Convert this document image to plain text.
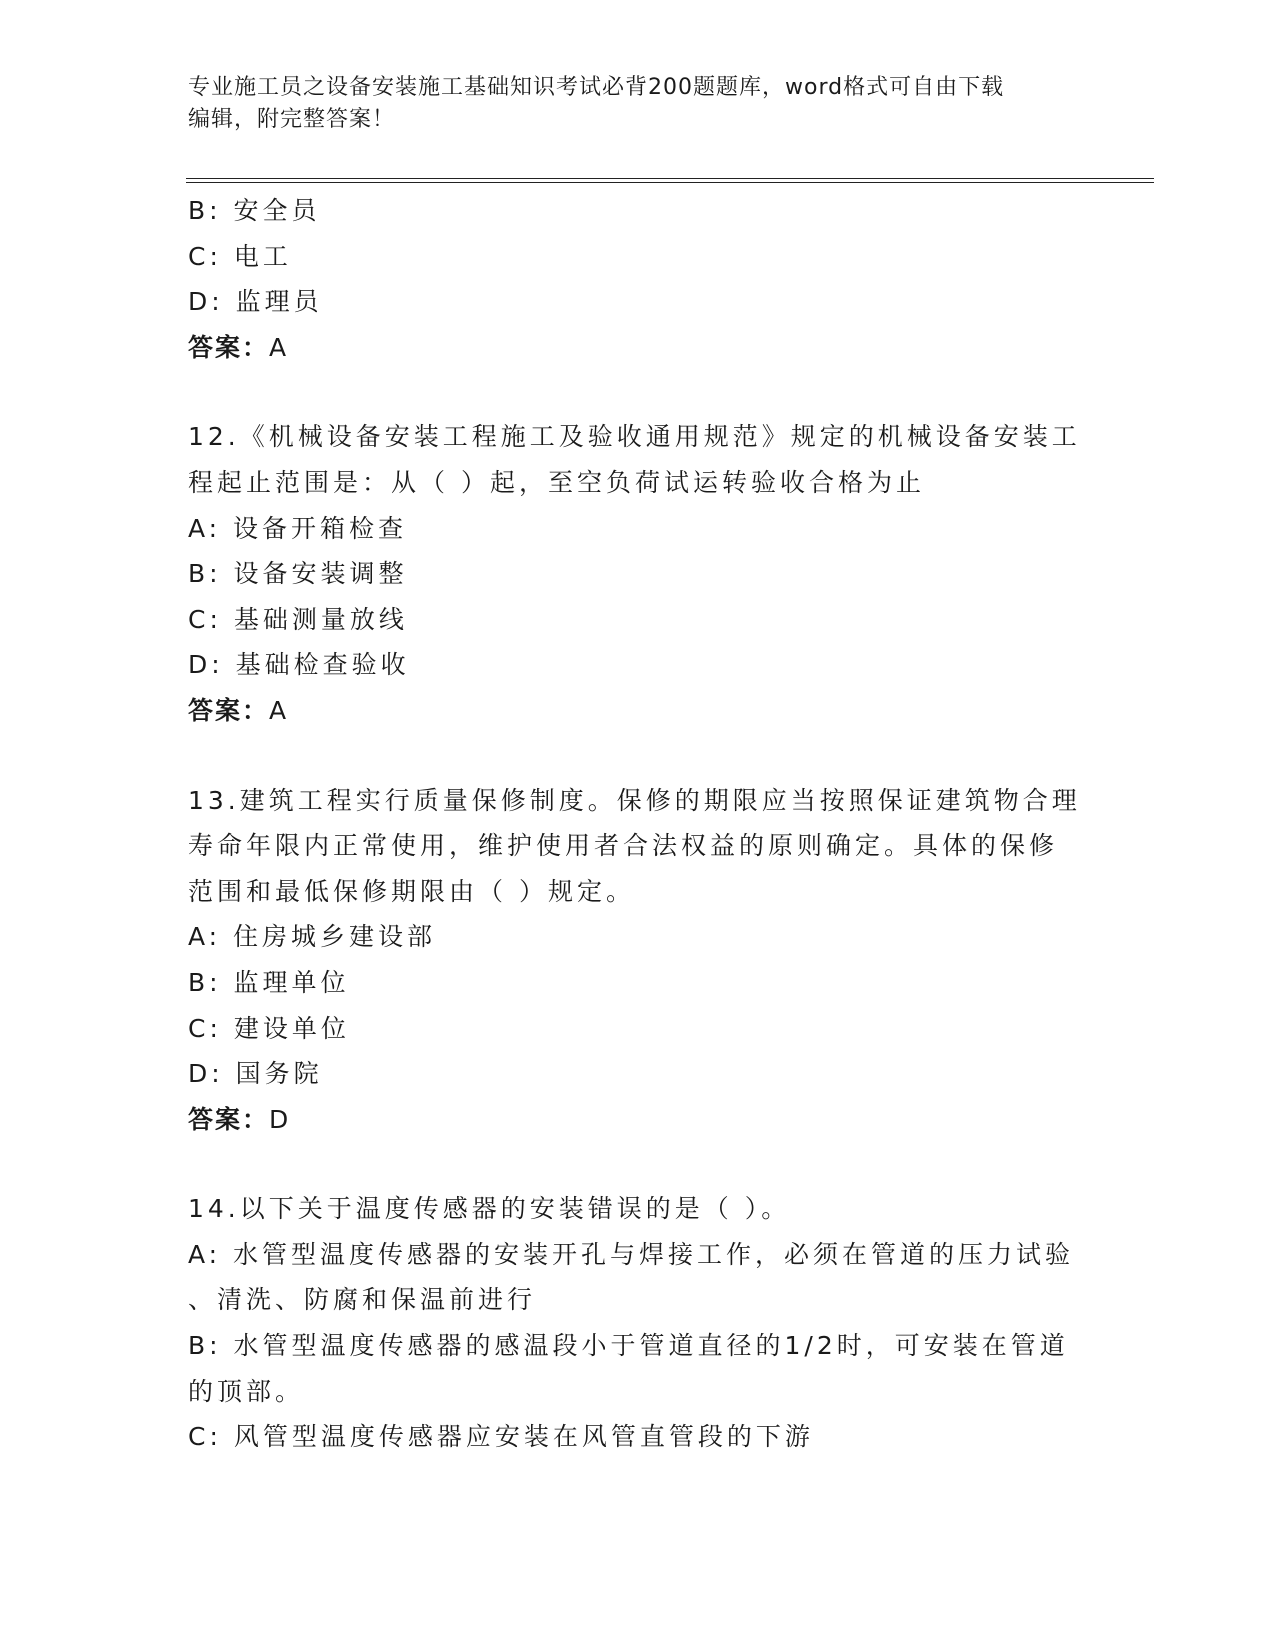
专业施工员之设备安装施工基础知识考试必背200题题库，word格式可自由下载
编辑，附完整答案！
B: 安全员
C: 电工
D: 监理员
答案：A
12.《机械设备安装工程施工及验收通用规范》规定的机械设备安装工
程起止范围是：从（ ）起，至空负荷试运转验收合格为止
A: 设备开箱检查
B: 设备安装调整
C: 基础测量放线
D: 基础检查验收
答案：A
13.建筑工程实行质量保修制度。保修的期限应当按照保证建筑物合理
寿命年限内正常使用，维护使用者合法权益的原则确定。具体的保修
范围和最低保修期限由（ ）规定。
A: 住房城乡建设部
B: 监理单位
C: 建设单位
D: 国务院
答案：D
14.以下关于温度传感器的安装错误的是（ ）。
A: 水管型温度传感器的安装开孔与焊接工作，必须在管道的压力试验
、清洗、防腐和保温前进行
B: 水管型温度传感器的感温段小于管道直径的1/2时，可安装在管道
的顶部。
C: 风管型温度传感器应安装在风管直管段的下游
